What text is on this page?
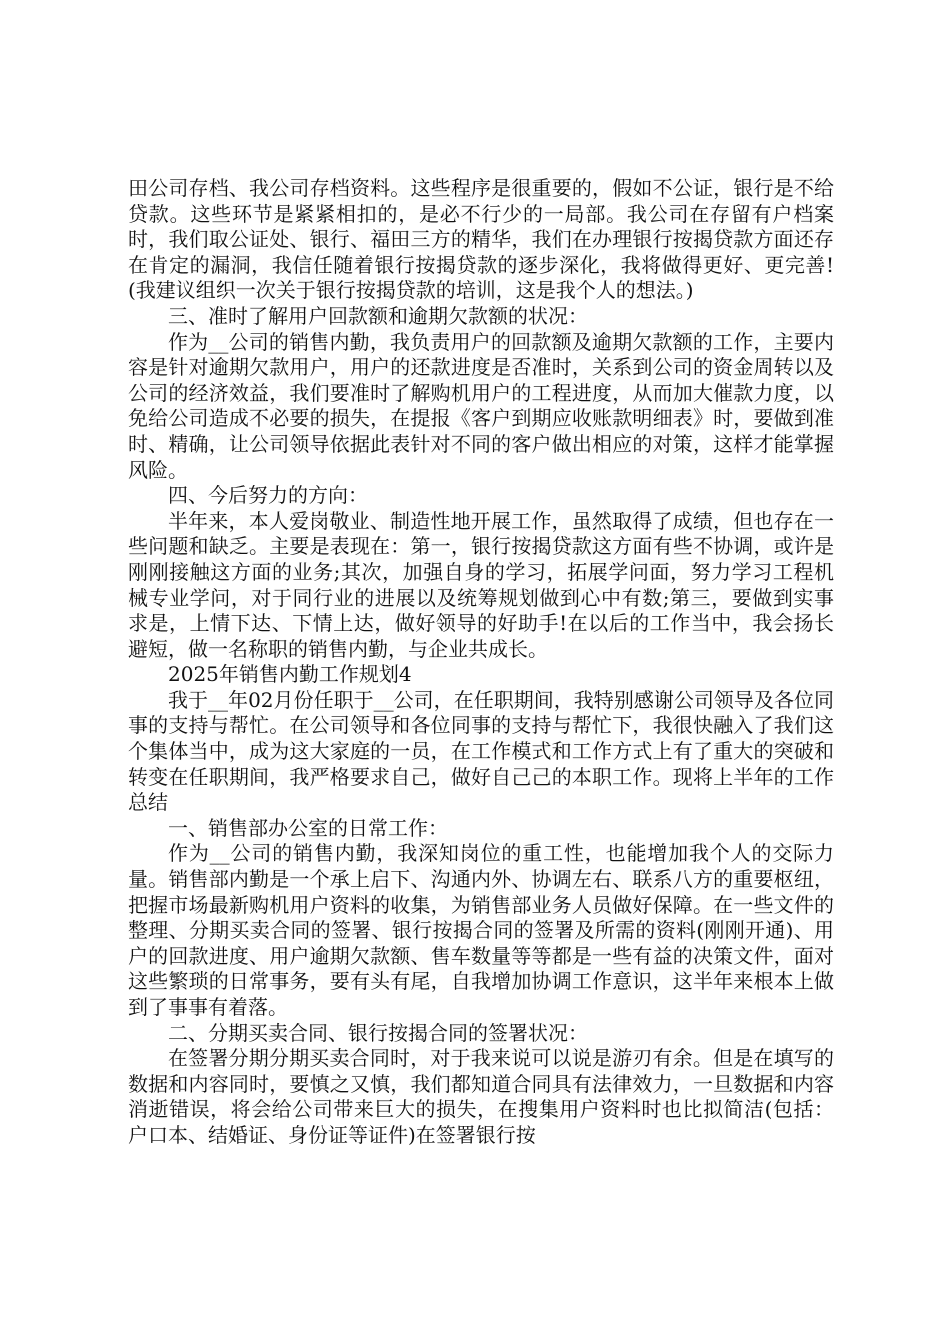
田公司存档、我公司存档资料。这些程序是很重要的，假如不公证，银行是不给贷款。这些环节是紧紧相扣的，是必不行少的一局部。我公司在存留有户档案时，我们取公证处、银行、福田三方的精华，我们在办理银行按揭贷款方面还存在肯定的漏洞，我信任随着银行按揭贷款的逐步深化，我将做得更好、更完善!(我建议组织一次关于银行按揭贷款的培训，这是我个人的想法。)

三、准时了解用户回款额和逾期欠款额的状况：

作为__公司的销售内勤，我负责用户的回款额及逾期欠款额的工作，主要内容是针对逾期欠款用户，用户的还款进度是否准时，关系到公司的资金周转以及公司的经济效益，我们要准时了解购机用户的工程进度，从而加大催款力度，以免给公司造成不必要的损失，在提报《客户到期应收账款明细表》时，要做到准时、精确，让公司领导依据此表针对不同的客户做出相应的对策，这样才能掌握风险。

四、今后努力的方向：

半年来，本人爱岗敬业、制造性地开展工作，虽然取得了成绩，但也存在一些问题和缺乏。主要是表现在：第一，银行按揭贷款这方面有些不协调，或许是刚刚接触这方面的业务;其次，加强自身的学习，拓展学问面，努力学习工程机械专业学问，对于同行业的进展以及统筹规划做到心中有数;第三，要做到实事求是，上情下达、下情上达，做好领导的好助手!在以后的工作当中，我会扬长避短，做一名称职的销售内勤，与企业共成长。

2025年销售内勤工作规划4

我于__年02月份任职于__公司，在任职期间，我特别感谢公司领导及各位同事的支持与帮忙。在公司领导和各位同事的支持与帮忙下，我很快融入了我们这个集体当中，成为这大家庭的一员，在工作模式和工作方式上有了重大的突破和转变在任职期间，我严格要求自己，做好自己己的本职工作。现将上半年的工作总结

一、销售部办公室的日常工作：

作为__公司的销售内勤，我深知岗位的重工性，也能增加我个人的交际力量。销售部内勤是一个承上启下、沟通内外、协调左右、联系八方的重要枢纽，把握市场最新购机用户资料的收集，为销售部业务人员做好保障。在一些文件的整理、分期买卖合同的签署、银行按揭合同的签署及所需的资料(刚刚开通)、用户的回款进度、用户逾期欠款额、售车数量等等都是一些有益的决策文件，面对这些繁琐的日常事务，要有头有尾，自我增加协调工作意识，这半年来根本上做到了事事有着落。

二、分期买卖合同、银行按揭合同的签署状况：

在签署分期分期买卖合同时，对于我来说可以说是游刃有余。但是在填写的数据和内容同时，要慎之又慎，我们都知道合同具有法律效力，一旦数据和内容消逝错误，将会给公司带来巨大的损失，在搜集用户资料时也比拟简洁(包括：户口本、结婚证、身份证等证件)在签署银行按
